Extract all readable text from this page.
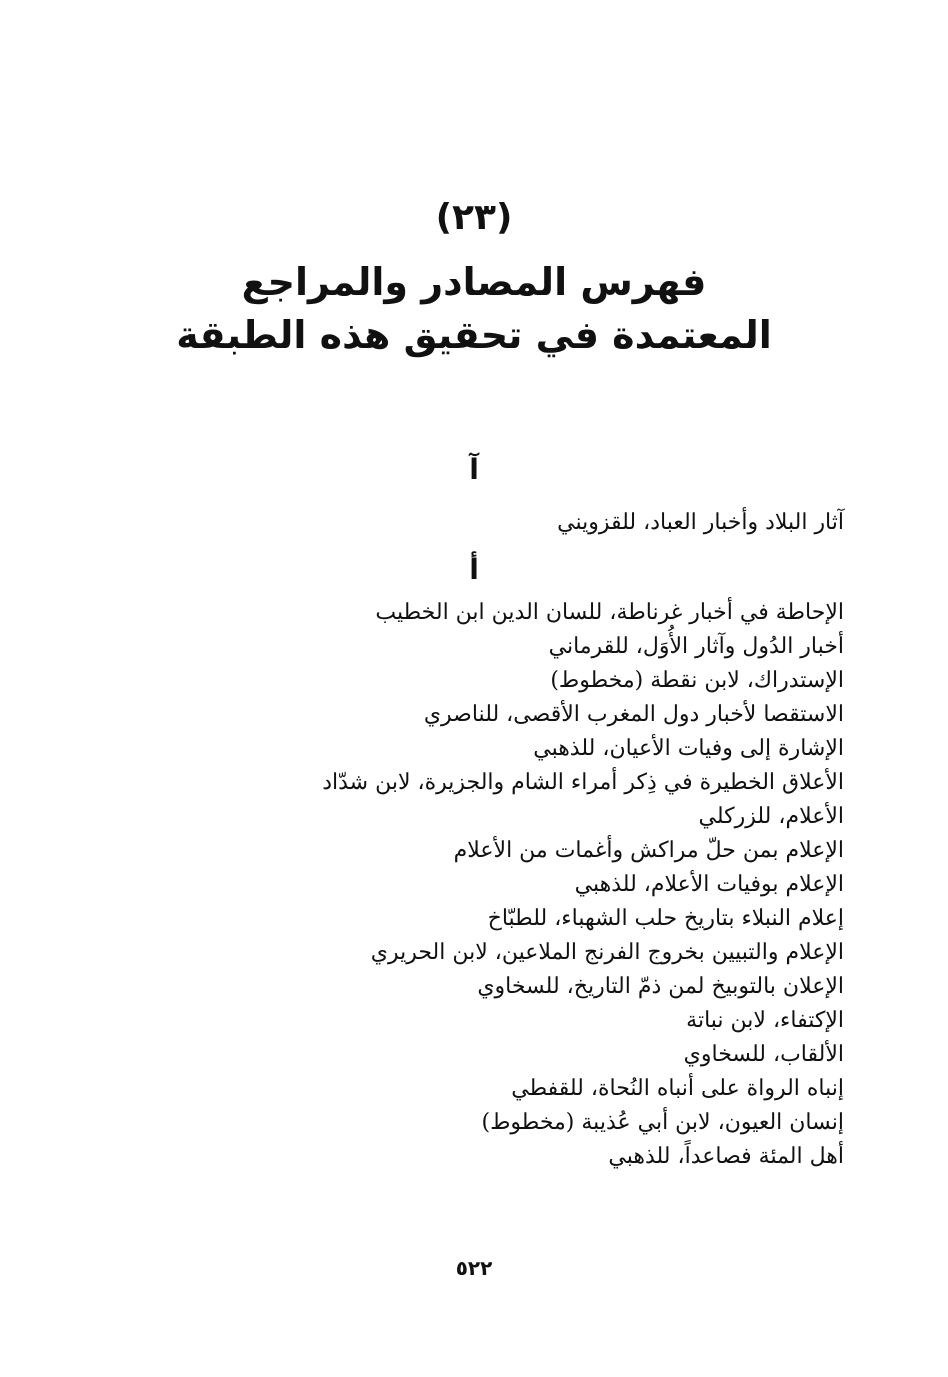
(٢٣)
فهرس المصادر والمراجع
المعتمدة في تحقيق هذه الطبقة
آ
آثار البلاد وأخبار العباد، للقزويني
أ
الإحاطة في أخبار غرناطة، للسان الدين ابن الخطيب
أخبار الدُول وآثار الأُوَل، للقرماني
الإستدراك، لابن نقطة (مخطوط)
الاستقصا لأخبار دول المغرب الأقصى، للناصري
الإشارة إلى وفيات الأعيان، للذهبي
الأعلاق الخطيرة في ذِكر أمراء الشام والجزيرة، لابن شدّاد
الأعلام، للزركلي
الإعلام بمن حلّ مراكش وأغمات من الأعلام
الإعلام بوفيات الأعلام، للذهبي
إعلام النبلاء بتاريخ حلب الشهباء، للطبّاخ
الإعلام والتبيين بخروج الفرنج الملاعين، لابن الحريري
الإعلان بالتوبيخ لمن ذمّ التاريخ، للسخاوي
الإكتفاء، لابن نباتة
الألقاب، للسخاوي
إنباه الرواة على أنباه النُحاة، للقفطي
إنسان العيون، لابن أبي عُذيبة (مخطوط)
أهل المئة فصاعداً، للذهبي
٥٢٢
